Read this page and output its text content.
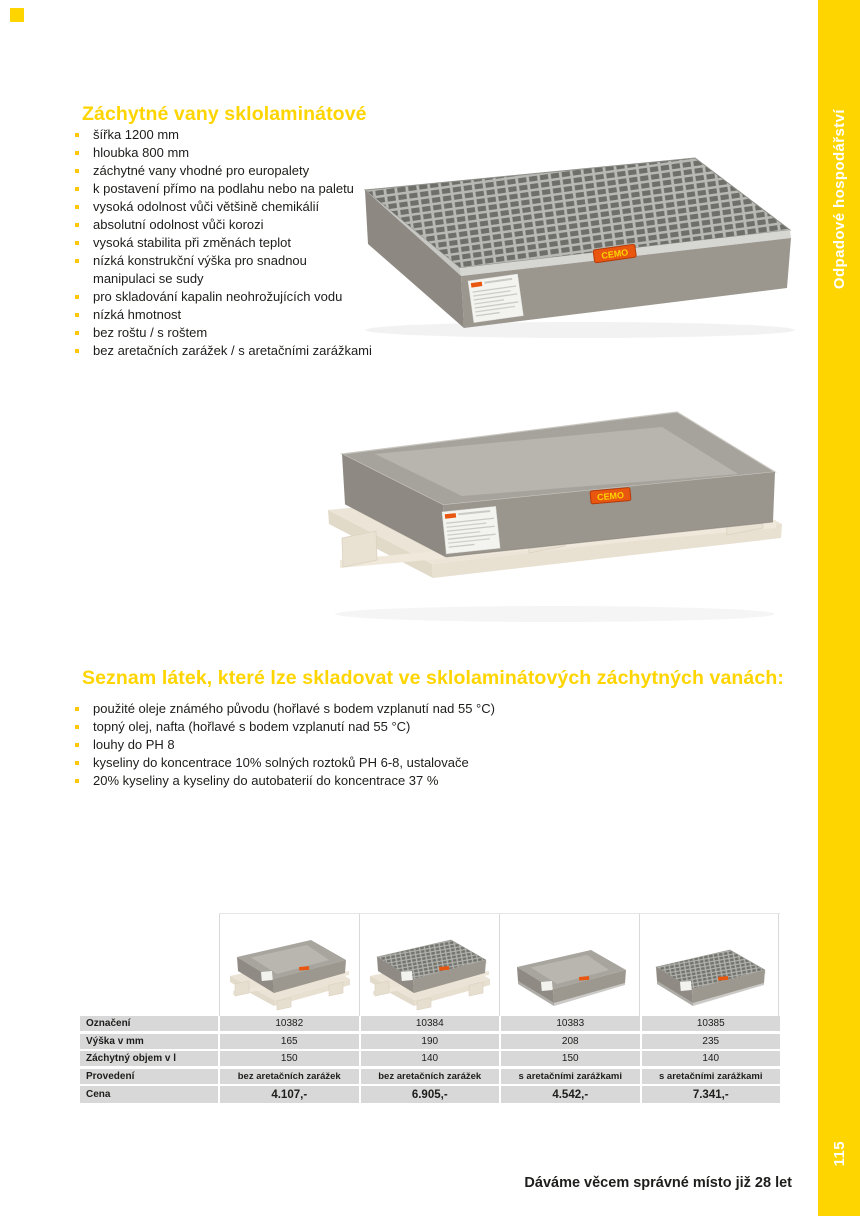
Odpadové hospodářství
115
Záchytné vany sklolaminátové
šířka 1200 mm
hloubka 800 mm
záchytné vany vhodné pro europalety
k postavení přímo na podlahu nebo na paletu
vysoká odolnost vůči většině chemikálií
absolutní odolnost vůči korozi
vysoká stabilita při změnách teplot
nízká konstrukční výška pro snadnou
manipulaci se sudy
pro skladování kapalin neohrožujících vodu
nízká hmotnost
bez roštu / s roštem
bez aretačních zarážek / s aretačními zarážkami
CEMO
CEMO
Seznam látek, které lze skladovat ve sklolaminátových záchytných vanách:
použité oleje známého původu (hořlavé s bodem vzplanutí nad 55 °C)
topný olej, nafta (hořlavé s bodem vzplanutí nad 55 °C)
louhy do PH 8
kyseliny do koncentrace 10% solných roztoků PH 6-8, ustalovače
20% kyseliny a kyseliny do autobaterií do koncentrace 37 %
Označení	10382	10384	10383	10385
Výška v mm	165	190	208	235
Záchytný objem v l	150	140	150	140
Provedení	bez aretačních zarážek	bez aretačních zarážek	s aretačními zarážkami	s aretačními zarážkami
Cena	4.107,-	6.905,-	4.542,-	7.341,-
Dáváme věcem správné místo již 28 let
